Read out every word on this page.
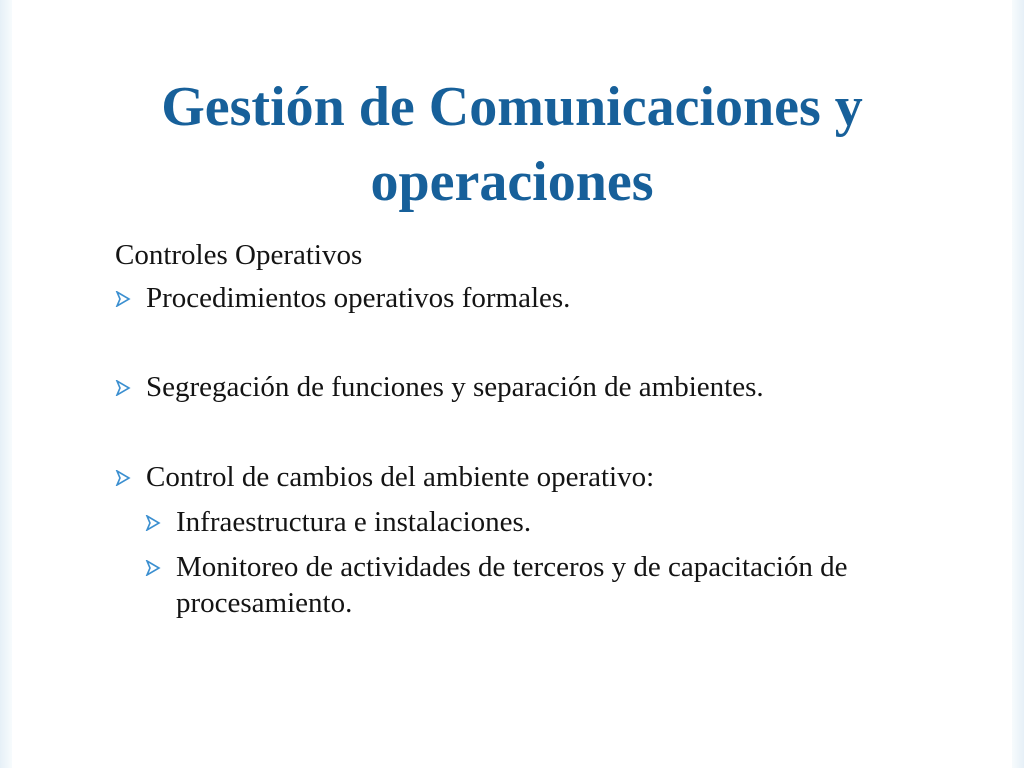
Gestión de Comunicaciones y operaciones
Controles Operativos
Procedimientos operativos formales.
Segregación de funciones y separación de ambientes.
Control de cambios del ambiente operativo:
Infraestructura e instalaciones.
Monitoreo de actividades de terceros y de capacitación de procesamiento.
